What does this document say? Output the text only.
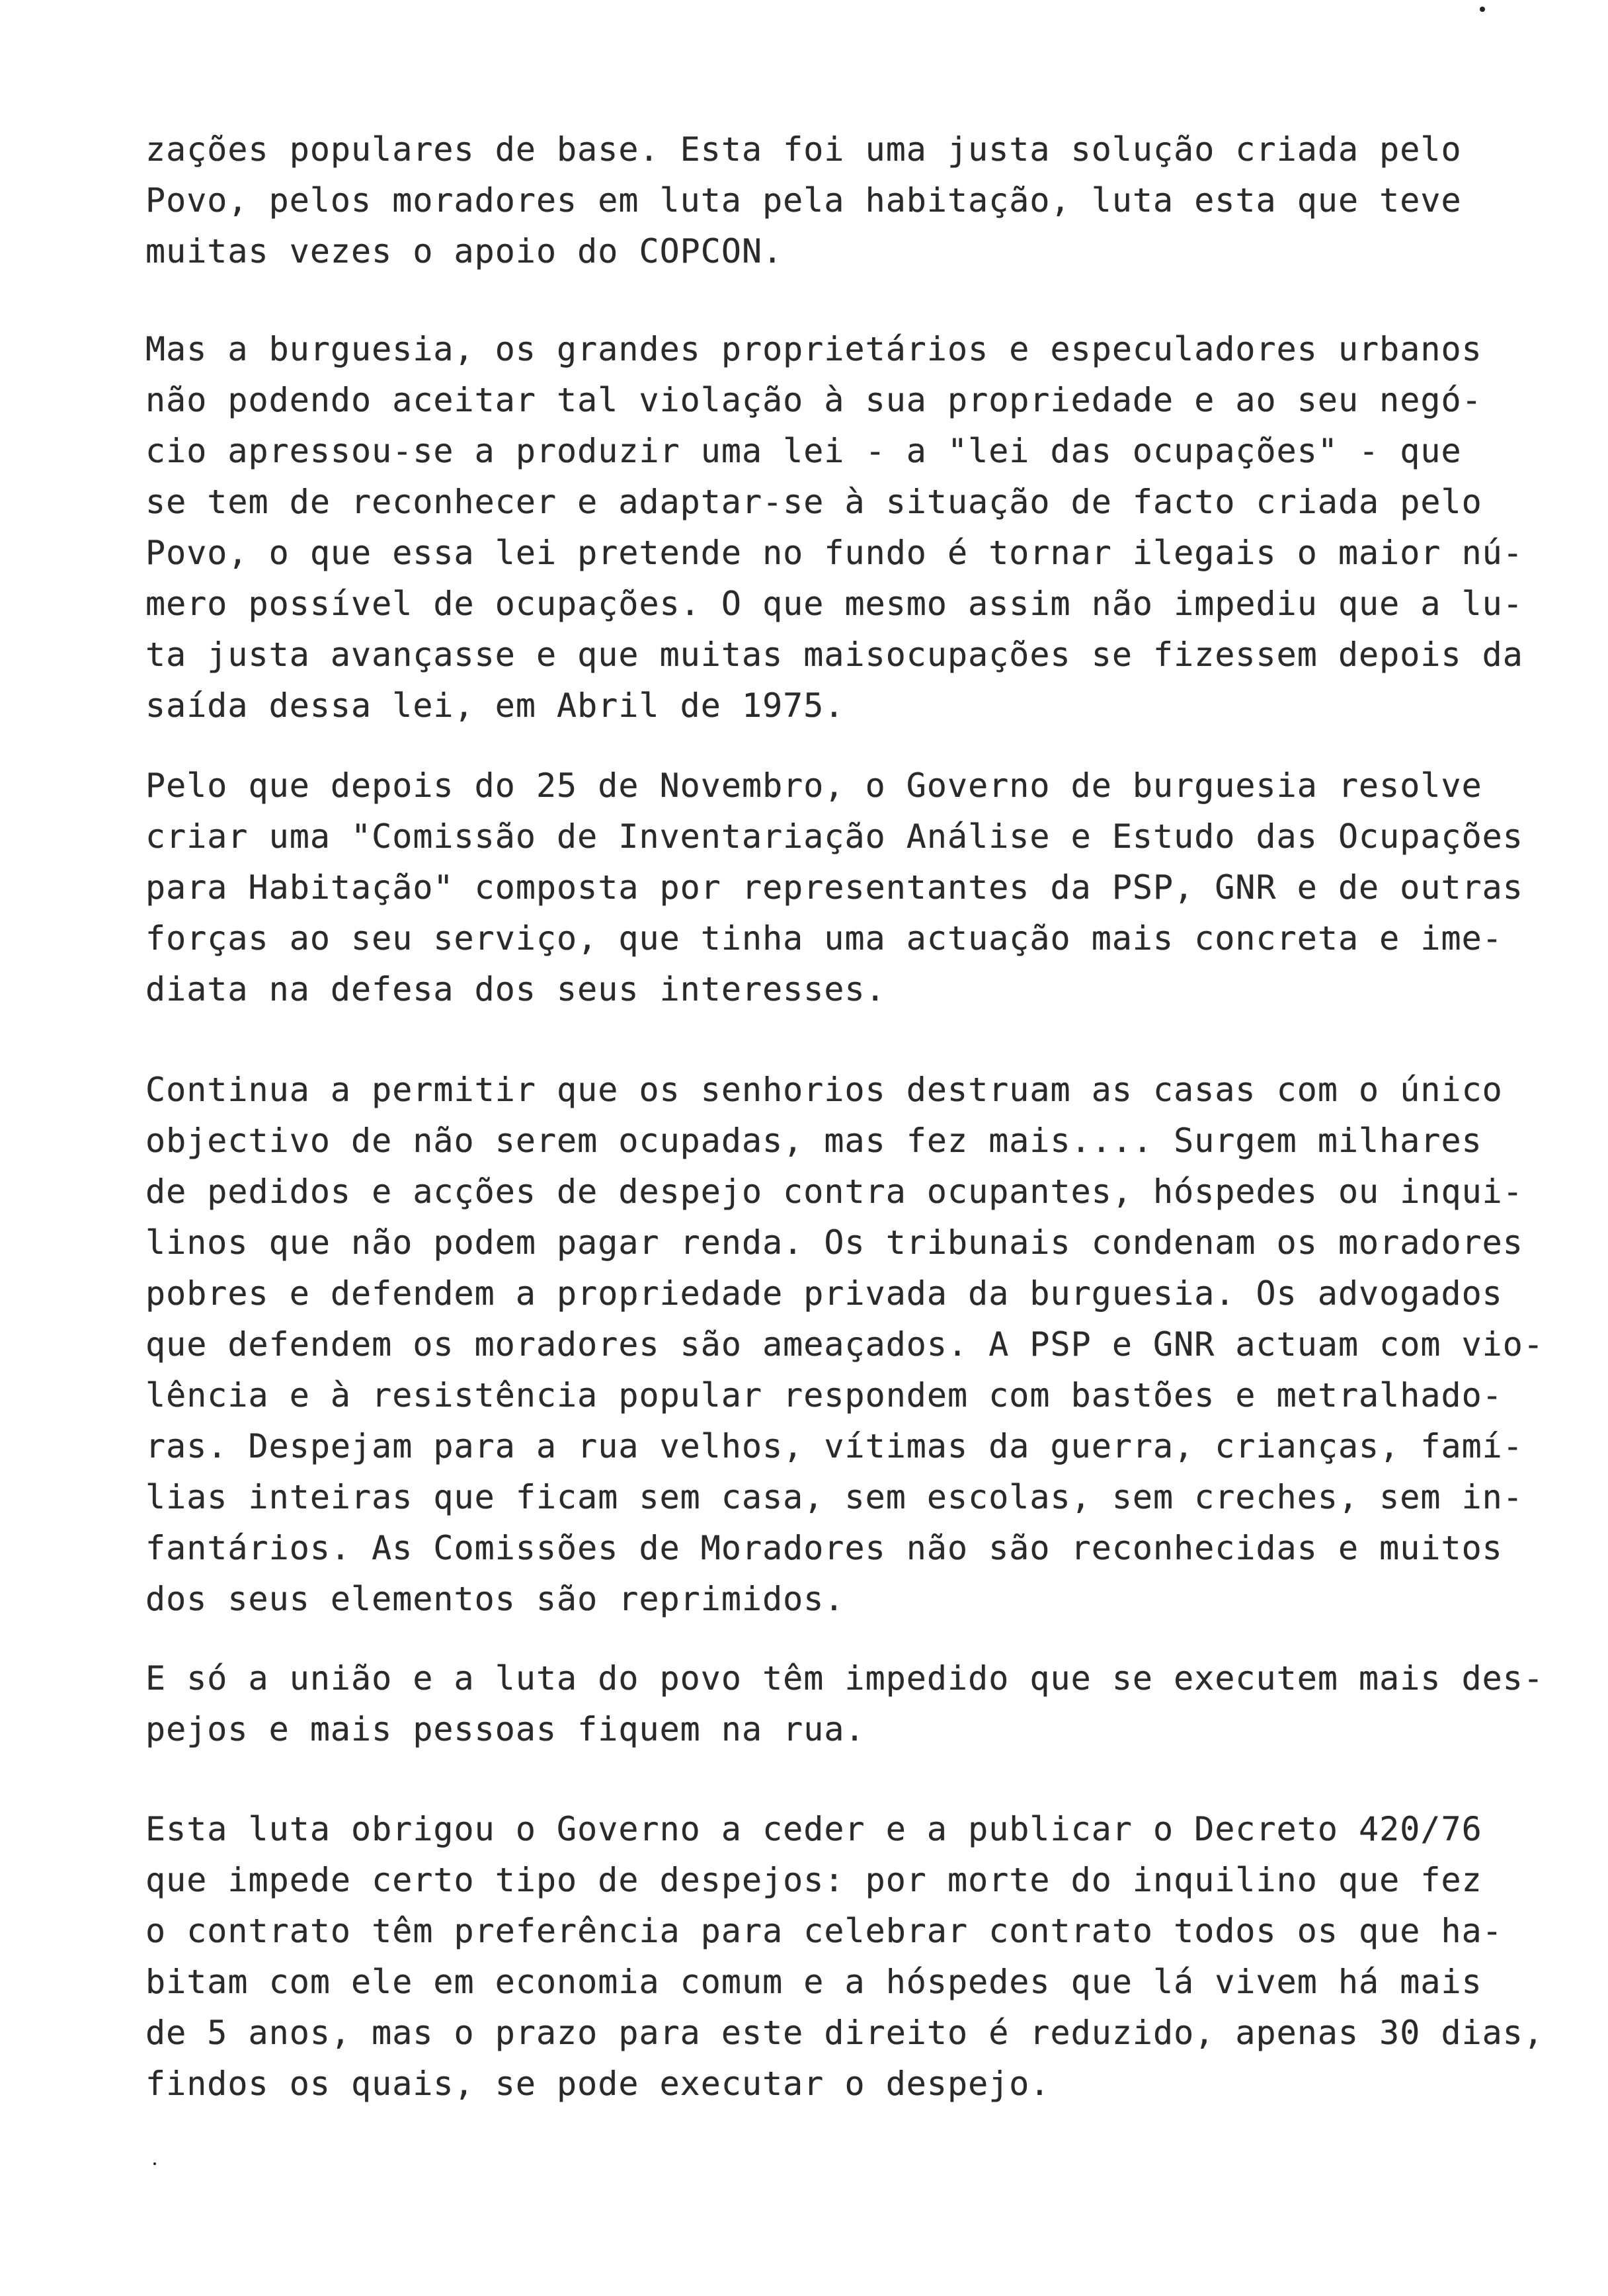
zações populares de base. Esta foi uma justa solução criada pelo
Povo, pelos moradores em luta pela habitação, luta esta que teve
muitas vezes o apoio do COPCON.
Mas a burguesia, os grandes proprietários e especuladores urbanos
não podendo aceitar tal violação à sua propriedade e ao seu negó-
cio apressou-se a produzir uma lei - a "lei das ocupações" - que
se tem de reconhecer e adaptar-se à situação de facto criada pelo
Povo, o que essa lei pretende no fundo é tornar ilegais o maior nú-
mero possível de ocupações. O que mesmo assim não impediu que a lu-
ta justa avançasse e que muitas maisocupações se fizessem depois da
saída dessa lei, em Abril de 1975.
Pelo que depois do 25 de Novembro, o Governo de burguesia resolve
criar uma "Comissão de Inventariação Análise e Estudo das Ocupações
para Habitação" composta por representantes da PSP, GNR e de outras
forças ao seu serviço, que tinha uma actuação mais concreta e ime-
diata na defesa dos seus interesses.
Continua a permitir que os senhorios destruam as casas com o único
objectivo de não serem ocupadas, mas fez mais.... Surgem milhares
de pedidos e acções de despejo contra ocupantes, hóspedes ou inqui-
linos que não podem pagar renda. Os tribunais condenam os moradores
pobres e defendem a propriedade privada da burguesia. Os advogados
que defendem os moradores são ameaçados. A PSP e GNR actuam com vio-
lência e à resistência popular respondem com bastões e metralhado-
ras. Despejam para a rua velhos, vítimas da guerra, crianças, famí-
lias inteiras que ficam sem casa, sem escolas, sem creches, sem in-
fantários. As Comissões de Moradores não são reconhecidas e muitos
dos seus elementos são reprimidos.
E só a união e a luta do povo têm impedido que se executem mais des-
pejos e mais pessoas fiquem na rua.
Esta luta obrigou o Governo a ceder e a publicar o Decreto 420/76
que impede certo tipo de despejos: por morte do inquilino que fez
o contrato têm preferência para celebrar contrato todos os que ha-
bitam com ele em economia comum e a hóspedes que lá vivem há mais
de 5 anos, mas o prazo para este direito é reduzido, apenas 30 dias,
findos os quais, se pode executar o despejo.
